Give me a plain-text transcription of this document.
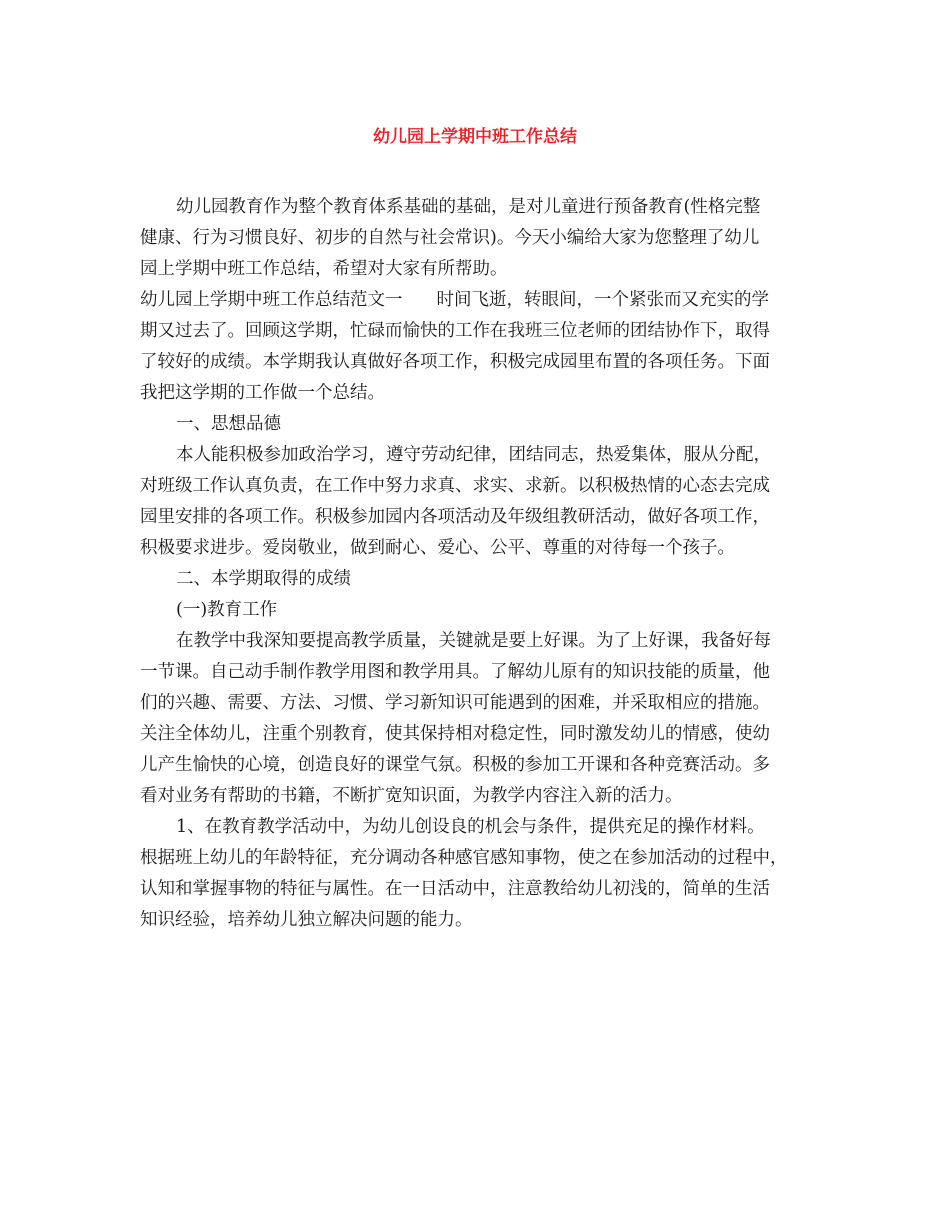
幼儿园上学期中班工作总结
幼儿园教育作为整个教育体系基础的基础，是对儿童进行预备教育(性格完整
健康、行为习惯良好、初步的自然与社会常识)。今天小编给大家为您整理了幼儿
园上学期中班工作总结，希望对大家有所帮助。
幼儿园上学期中班工作总结范文一 时间飞逝，转眼间，一个紧张而又充实的学
期又过去了。回顾这学期，忙碌而愉快的工作在我班三位老师的团结协作下，取得
了较好的成绩。本学期我认真做好各项工作，积极完成园里布置的各项任务。下面
我把这学期的工作做一个总结。
一、思想品德
本人能积极参加政治学习，遵守劳动纪律，团结同志，热爱集体，服从分配，
对班级工作认真负责，在工作中努力求真、求实、求新。以积极热情的心态去完成
园里安排的各项工作。积极参加园内各项活动及年级组教研活动，做好各项工作，
积极要求进步。爱岗敬业，做到耐心、爱心、公平、尊重的对待每一个孩子。
二、本学期取得的成绩
(一)教育工作
在教学中我深知要提高教学质量，关键就是要上好课。为了上好课，我备好每
一节课。自己动手制作教学用图和教学用具。了解幼儿原有的知识技能的质量，他
们的兴趣、需要、方法、习惯、学习新知识可能遇到的困难，并采取相应的措施。
关注全体幼儿，注重个别教育，使其保持相对稳定性，同时激发幼儿的情感，使幼
儿产生愉快的心境，创造良好的课堂气氛。积极的参加工开课和各种竞赛活动。多
看对业务有帮助的书籍，不断扩宽知识面，为教学内容注入新的活力。
1、在教育教学活动中，为幼儿创设良的机会与条件，提供充足的操作材料。
根据班上幼儿的年龄特征，充分调动各种感官感知事物，使之在参加活动的过程中，
认知和掌握事物的特征与属性。在一日活动中，注意教给幼儿初浅的，简单的生活
知识经验，培养幼儿独立解决问题的能力。
